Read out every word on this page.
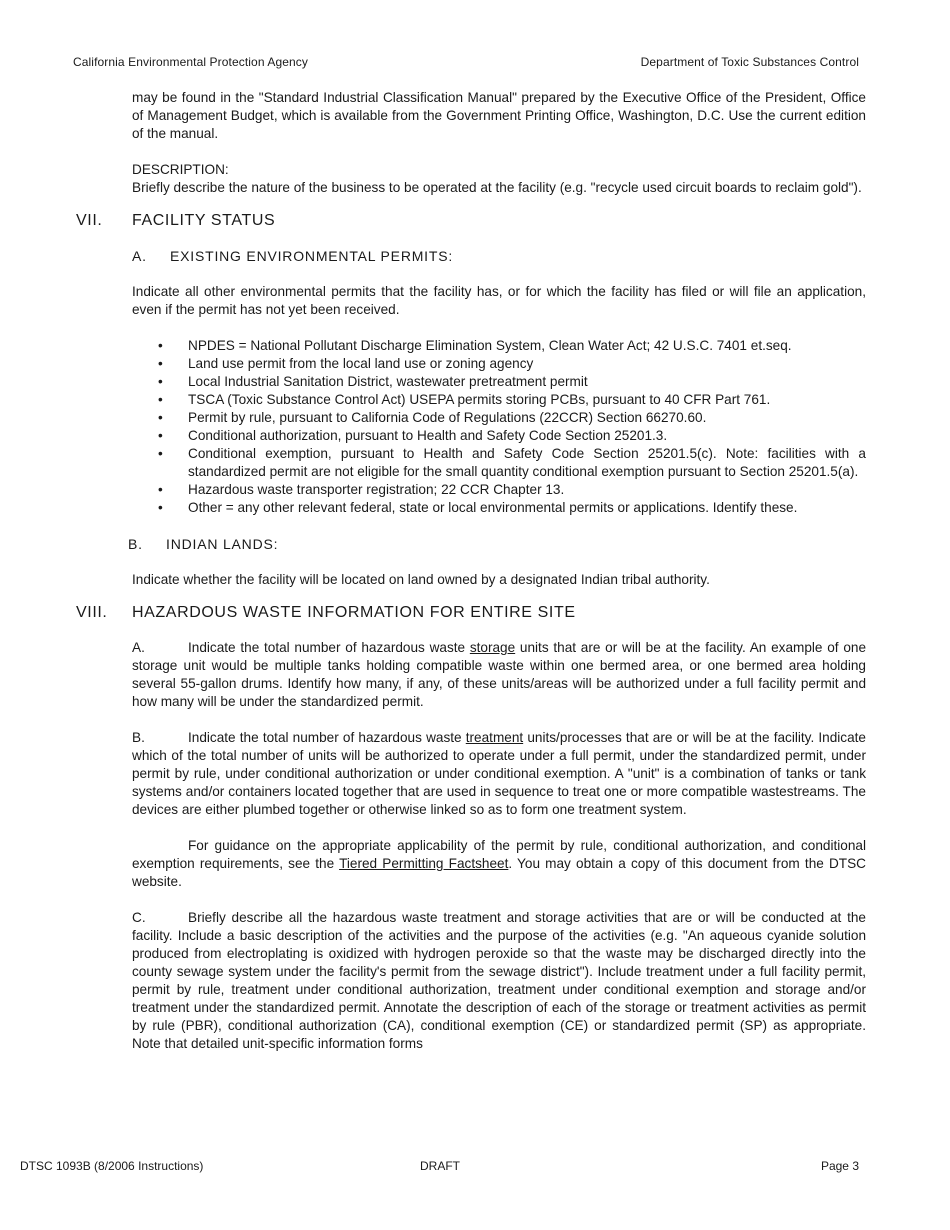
California Environmental Protection Agency	Department of Toxic Substances Control

may be found in the "Standard Industrial Classification Manual" prepared by the Executive Office of the President, Office of Management Budget, which is available from the Government Printing Office, Washington, D.C. Use the current edition of the manual.

DESCRIPTION:

Briefly describe the nature of the business to be operated at the facility (e.g. "recycle used circuit boards to reclaim gold").

VII. FACILITY STATUS
A. EXISTING ENVIRONMENTAL PERMITS:

Indicate all other environmental permits that the facility has, or for which the facility has filed or will file an application, even if the permit has not yet been received.

• NPDES = National Pollutant Discharge Elimination System, Clean Water Act; 42 U.S.C. 7401 et.seq.
• Land use permit from the local land use or zoning agency
• Local Industrial Sanitation District, wastewater pretreatment permit
• TSCA (Toxic Substance Control Act) USEPA permits storing PCBs, pursuant to 40 CFR Part 761.
• Permit by rule, pursuant to California Code of Regulations (22CCR) Section 66270.60.
• Conditional authorization, pursuant to Health and Safety Code Section 25201.3.
• Conditional exemption, pursuant to Health and Safety Code Section 25201.5(c). Note: facilities with a standardized permit are not eligible for the small quantity conditional exemption pursuant to Section 25201.5(a).
• Hazardous waste transporter registration; 22 CCR Chapter 13.
• Other = any other relevant federal, state or local environmental permits or applications. Identify these.
B. INDIAN LANDS:

Indicate whether the facility will be located on land owned by a designated Indian tribal authority.

VIII. HAZARDOUS WASTE INFORMATION FOR ENTIRE SITE

A.	Indicate the total number of hazardous waste storage units that are or will be at the facility. An example of one storage unit would be multiple tanks holding compatible waste within one bermed area, or one bermed area holding several 55-gallon drums. Identify how many, if any, of these units/areas will be authorized under a full facility permit and how many will be under the standardized permit.

B.	Indicate the total number of hazardous waste treatment units/processes that are or will be at the facility. Indicate which of the total number of units will be authorized to operate under a full permit, under the standardized permit, under permit by rule, under conditional authorization or under conditional exemption. A "unit" is a combination of tanks or tank systems and/or containers located together that are used in sequence to treat one or more compatible wastestreams. The devices are either plumbed together or otherwise linked so as to form one treatment system.

For guidance on the appropriate applicability of the permit by rule, conditional authorization, and conditional exemption requirements, see the Tiered Permitting Factsheet. You may obtain a copy of this document from the DTSC website.

C.	Briefly describe all the hazardous waste treatment and storage activities that are or will be conducted at the facility. Include a basic description of the activities and the purpose of the activities (e.g. "An aqueous cyanide solution produced from electroplating is oxidized with hydrogen peroxide so that the waste may be discharged directly into the county sewage system under the facility's permit from the sewage district"). Include treatment under a full facility permit, permit by rule, treatment under conditional authorization, treatment under conditional exemption and storage and/or treatment under the standardized permit. Annotate the description of each of the storage or treatment activities as permit by rule (PBR), conditional authorization (CA), conditional exemption (CE) or standardized permit (SP) as appropriate. Note that detailed unit-specific information forms

DTSC 1093B (8/2006 Instructions)	DRAFT	Page 3
